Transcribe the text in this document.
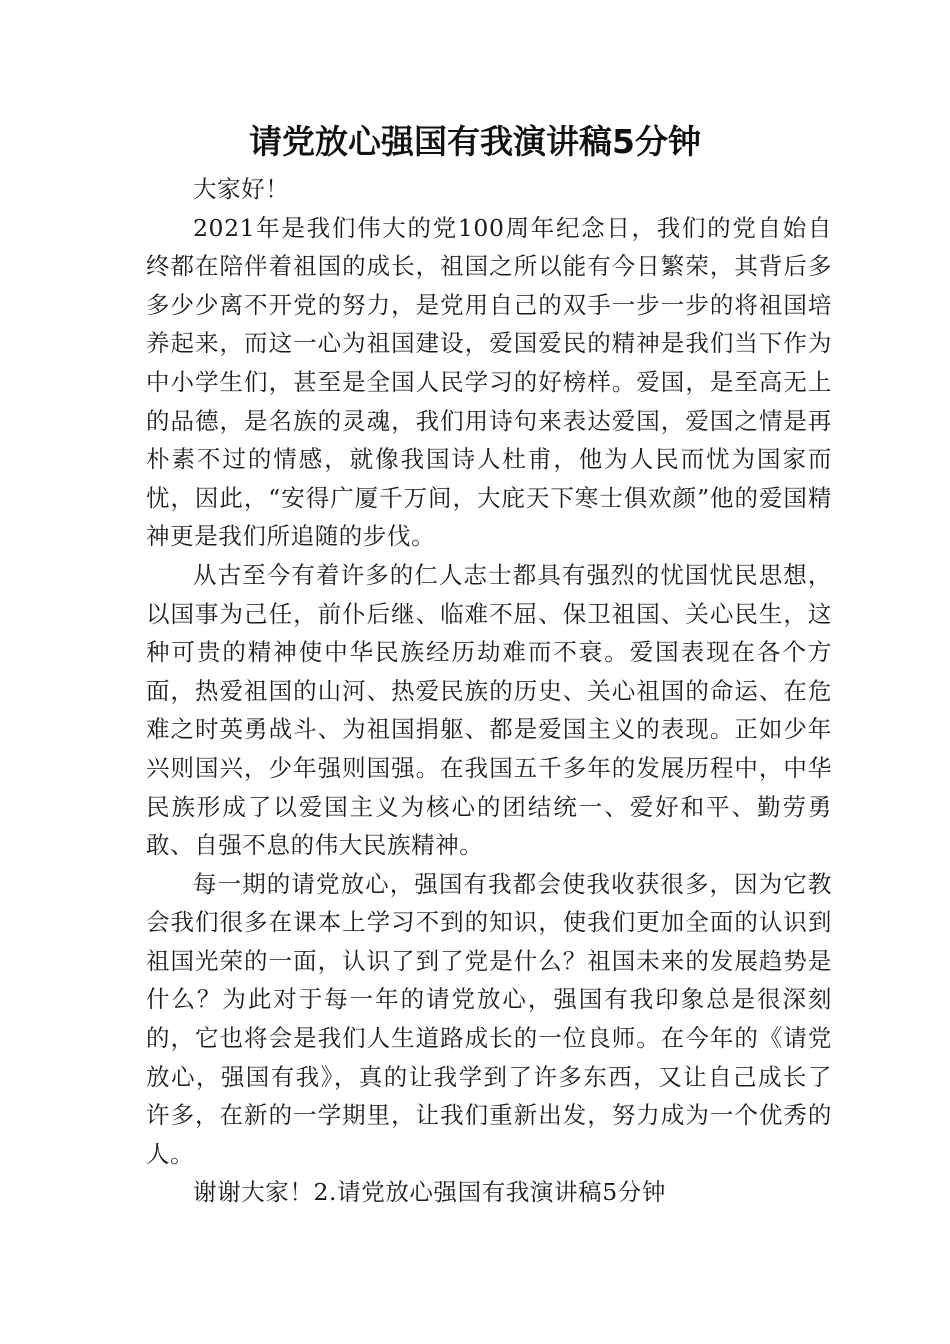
请党放心强国有我演讲稿5分钟

大家好！

2021年是我们伟大的党100周年纪念日，我们的党自始自终都在陪伴着祖国的成长，祖国之所以能有今日繁荣，其背后多多少少离不开党的努力，是党用自己的双手一步一步的将祖国培养起来，而这一心为祖国建设，爱国爱民的精神是我们当下作为中小学生们，甚至是全国人民学习的好榜样。爱国，是至高无上的品德，是名族的灵魂，我们用诗句来表达爱国，爱国之情是再朴素不过的情感，就像我国诗人杜甫，他为人民而忧为国家而忧，因此，“安得广厦千万间，大庇天下寒士俱欢颜”他的爱国精神更是我们所追随的步伐。

从古至今有着许多的仁人志士都具有强烈的忧国忧民思想，以国事为己任，前仆后继、临难不屈、保卫祖国、关心民生，这种可贵的精神使中华民族经历劫难而不衰。爱国表现在各个方面，热爱祖国的山河、热爱民族的历史、关心祖国的命运、在危难之时英勇战斗、为祖国捐躯、都是爱国主义的表现。正如少年兴则国兴，少年强则国强。在我国五千多年的发展历程中，中华民族形成了以爱国主义为核心的团结统一、爱好和平、勤劳勇敢、自强不息的伟大民族精神。

每一期的请党放心，强国有我都会使我收获很多，因为它教会我们很多在课本上学习不到的知识，使我们更加全面的认识到祖国光荣的一面，认识了到了党是什么？祖国未来的发展趋势是什么？为此对于每一年的请党放心，强国有我印象总是很深刻的，它也将会是我们人生道路成长的一位良师。在今年的《请党放心，强国有我》，真的让我学到了许多东西，又让自己成长了许多，在新的一学期里，让我们重新出发，努力成为一个优秀的人。

谢谢大家！2.请党放心强国有我演讲稿5分钟
